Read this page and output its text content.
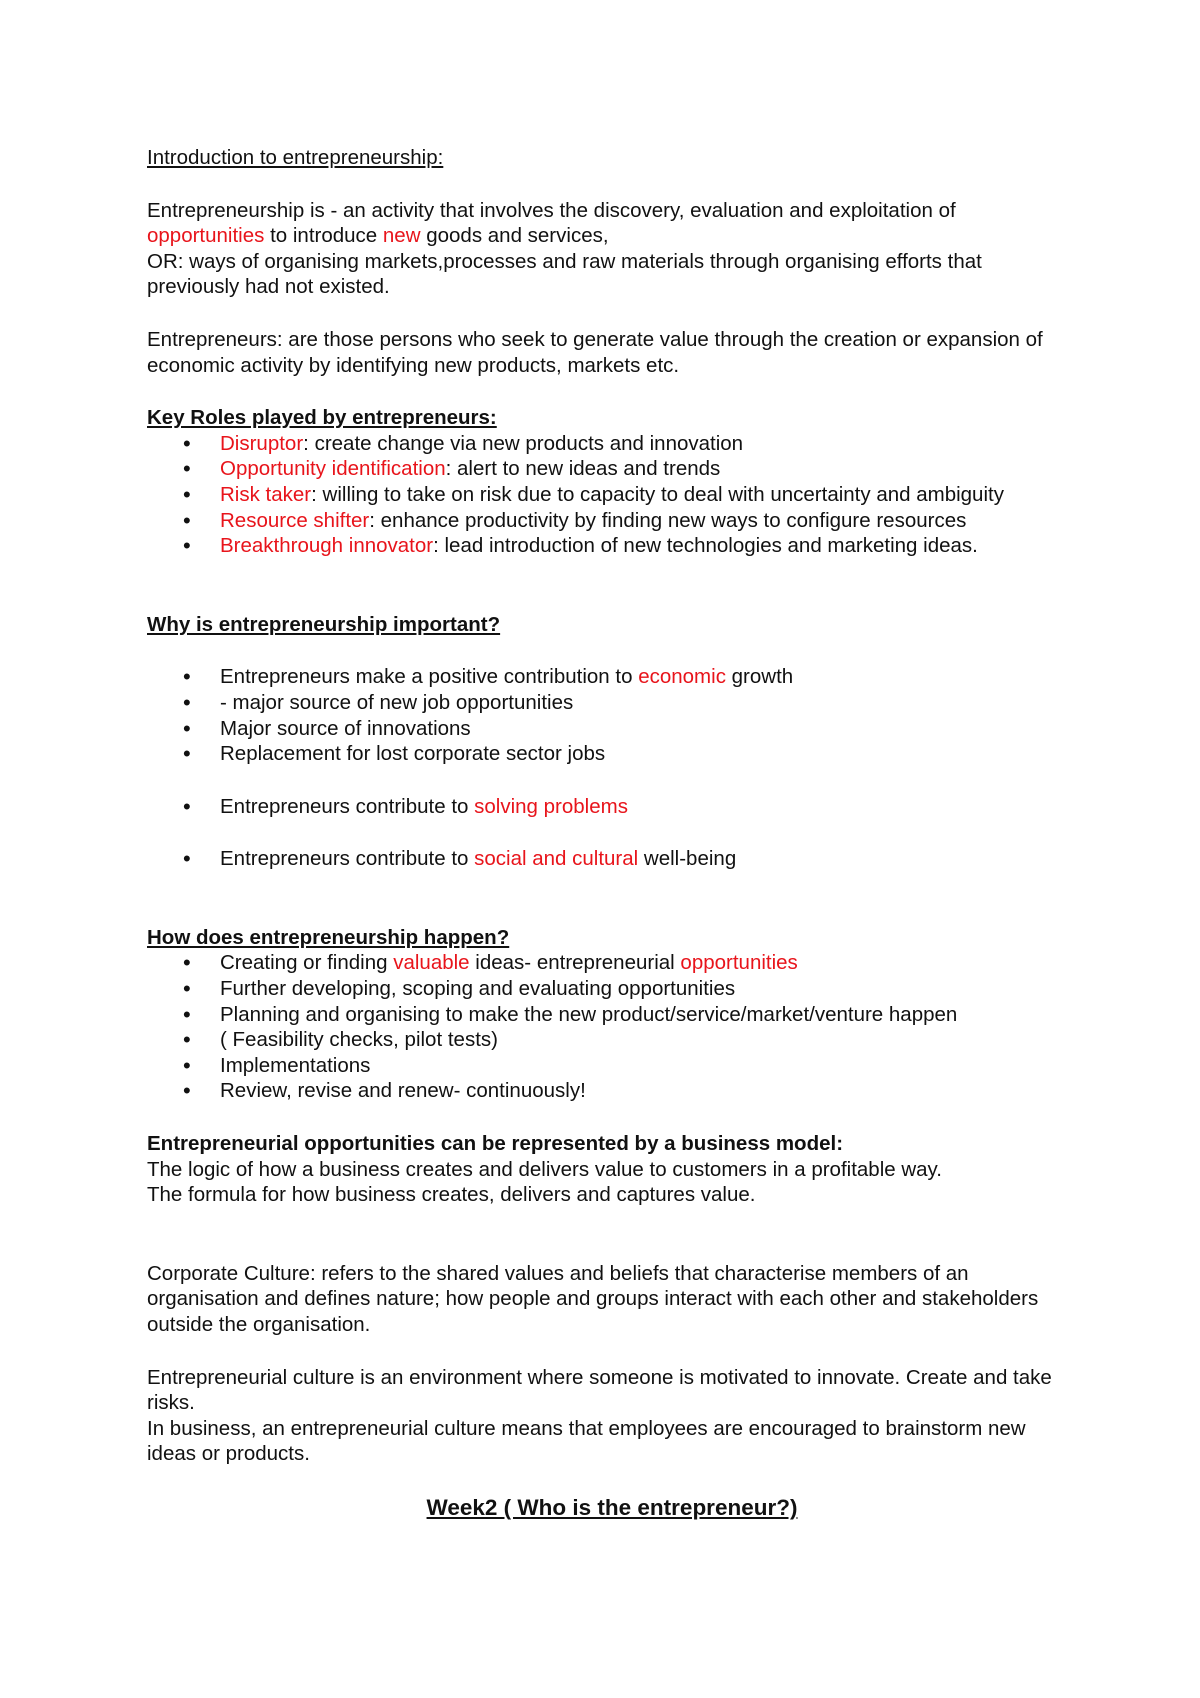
Introduction to entrepreneurship:

Entrepreneurship is - an activity that involves the discovery, evaluation and exploitation of
opportunities to introduce new goods and services,

OR: ways of organising markets,processes and raw materials through organising efforts that previously had not existed.

Entrepreneurs: are those persons who seek to generate value through the creation or expansion of economic activity by identifying new products, markets etc.

Key Roles played by entrepreneurs:

• Disruptor: create change via new products and innovation
• Opportunity identification: alert to new ideas and trends
• Risk taker: willing to take on risk due to capacity to deal with uncertainty and ambiguity
• Resource shifter: enhance productivity by finding new ways to configure resources
• Breakthrough innovator: lead introduction of new technologies and marketing ideas.

Why is entrepreneurship important?

• Entrepreneurs make a positive contribution to economic growth
• - major source of new job opportunities
• Major source of innovations
• Replacement for lost corporate sector jobs
• Entrepreneurs contribute to solving problems
• Entrepreneurs contribute to social and cultural well-being

How does entrepreneurship happen?

• Creating or finding valuable ideas- entrepreneurial opportunities
• Further developing, scoping and evaluating opportunities
• Planning and organising to make the new product/service/market/venture happen
• ( Feasibility checks, pilot tests)
• Implementations
• Review, revise and renew- continuously!

Entrepreneurial opportunities can be represented by a business model:

The logic of how a business creates and delivers value to customers in a profitable way.

The formula for how business creates, delivers and captures value.

Corporate Culture: refers to the shared values and beliefs that characterise members of an organisation and defines nature; how people and groups interact with each other and stakeholders outside the organisation.

Entrepreneurial culture is an environment where someone is motivated to innovate. Create and take risks.

In business, an entrepreneurial culture means that employees are encouraged to brainstorm new ideas or products.

Week2 ( Who is the entrepreneur?)
